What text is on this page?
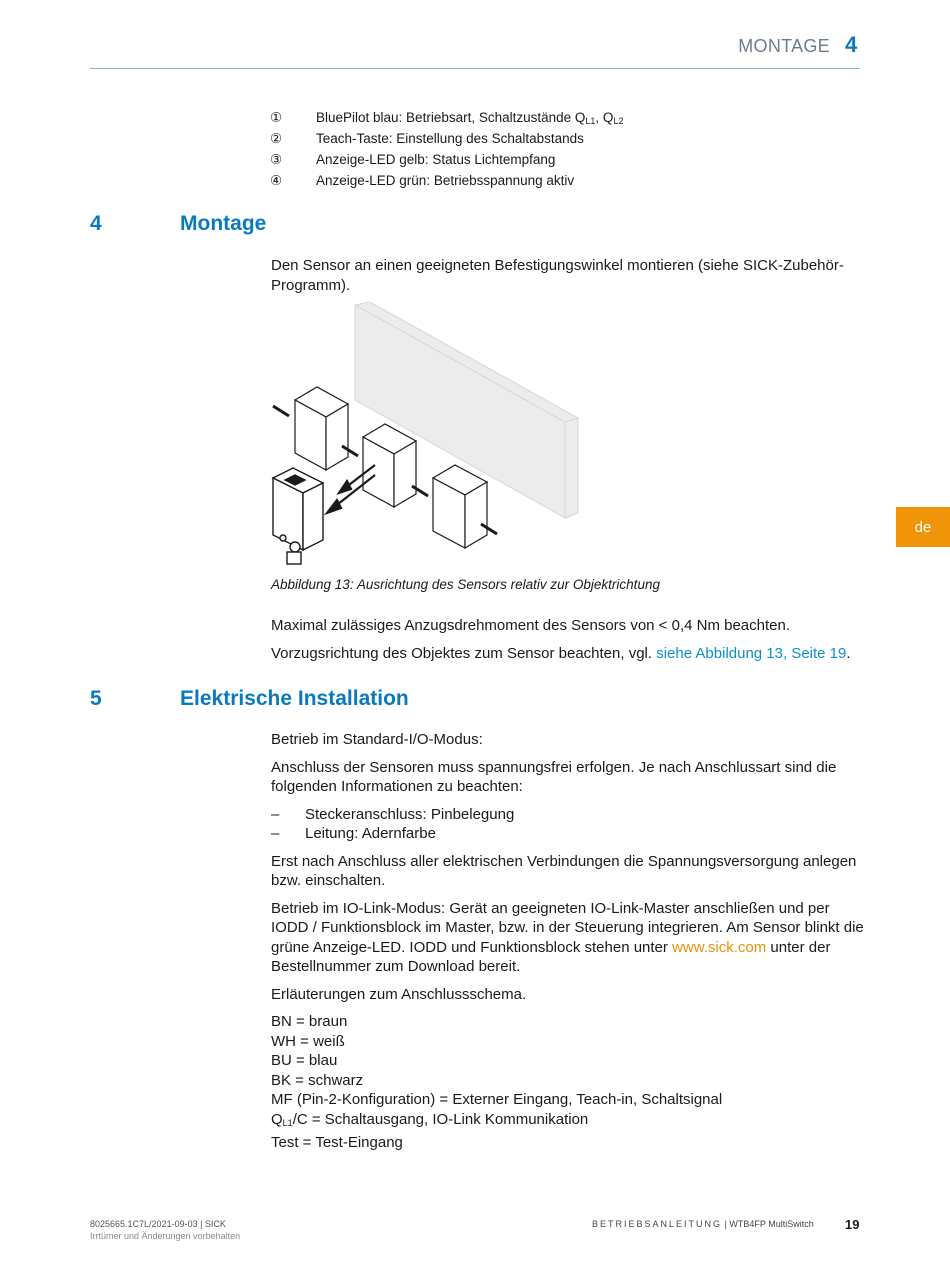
MONTAGE 4
①	BluePilot blau: Betriebsart, Schaltzustände $Q_{L1}$, $Q_{L2}$
②	Teach-Taste: Einstellung des Schaltabstands
③	Anzeige-LED gelb: Status Lichtempfang
④	Anzeige-LED grün: Betriebsspannung aktiv
4	Montage
Den Sensor an einen geeigneten Befestigungswinkel montieren (siehe SICK-Zubehör-Programm).
Abbildung 13: Ausrichtung des Sensors relativ zur Objektrichtung

Maximal zulässiges Anzugsdrehmoment des Sensors von < 0,4 Nm beachten.

Vorzugsrichtung des Objektes zum Sensor beachten, vgl. siehe Abbildung 13, Seite 19.

5	Elektrische Installation

Betrieb im Standard-I/O-Modus:

Anschluss der Sensoren muss spannungsfrei erfolgen. Je nach Anschlussart sind die folgenden Informationen zu beachten:

–	Steckeranschluss: Pinbelegung
–	Leitung: Adernfarbe

Erst nach Anschluss aller elektrischen Verbindungen die Spannungsversorgung anlegen bzw. einschalten.

Betrieb im IO-Link-Modus: Gerät an geeigneten IO-Link-Master anschließen und per IODD / Funktionsblock im Master, bzw. in der Steuerung integrieren. Am Sensor blinkt die grüne Anzeige-LED. IODD und Funktionsblock stehen unter www.sick.com unter der Bestellnummer zum Download bereit.

Erläuterungen zum Anschlussschema.

BN = braun
WH = weiß
BU = blau
BK = schwarz
MF (Pin-2-Konfiguration) = Externer Eingang, Teach-in, Schaltsignal
$Q_{L1}/C$ = Schaltausgang, IO-Link Kommunikation
Test = Test-Eingang
de
8025665.1C7L/2021-09-03 | SICK
Irrtümer und Änderungen vorbehalten
BETRIEBSANLEITUNG | WTB4FP MultiSwitch 19
